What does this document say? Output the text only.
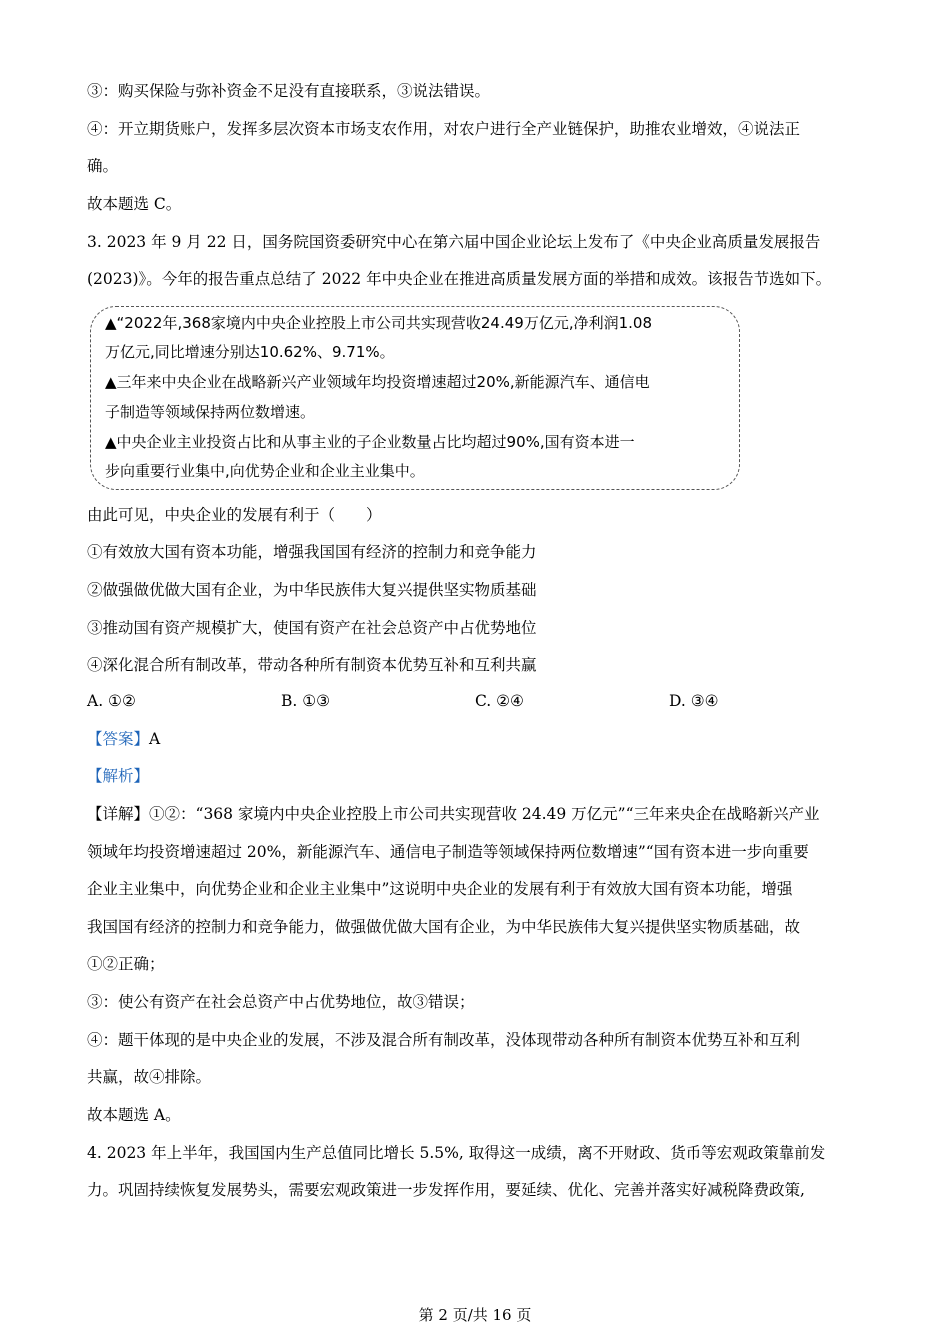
③：购买保险与弥补资金不足没有直接联系，③说法错误。
④：开立期货账户，发挥多层次资本市场支农作用，对农户进行全产业链保护，助推农业增效，④说法正
确。
故本题选 C。
3. 2023 年 9 月 22 日，国务院国资委研究中心在第六届中国企业论坛上发布了《中央企业高质量发展报告
(2023)》。今年的报告重点总结了 2022 年中央企业在推进高质量发展方面的举措和成效。该报告节选如下。
▲“2022年,368家境内中央企业控股上市公司共实现营收24.49万亿元,净利润1.08
万亿元,同比增速分别达10.62%、9.71%。
▲三年来中央企业在战略新兴产业领域年均投资增速超过20%,新能源汽车、通信电
子制造等领域保持两位数增速。
▲中央企业主业投资占比和从事主业的子企业数量占比均超过90%,国有资本进一
步向重要行业集中,向优势企业和企业主业集中。
由此可见，中央企业的发展有利于（　　）
①有效放大国有资本功能，增强我国国有经济的控制力和竞争能力
②做强做优做大国有企业，为中华民族伟大复兴提供坚实物质基础
③推动国有资产规模扩大，使国有资产在社会总资产中占优势地位
④深化混合所有制改革，带动各种所有制资本优势互补和互利共赢
A. ①②	B. ①③	C. ②④	D. ③④
【答案】A
【解析】
【详解】①②：“368 家境内中央企业控股上市公司共实现营收 24.49 万亿元”“三年来央企在战略新兴产业
领域年均投资增速超过 20%，新能源汽车、通信电子制造等领域保持两位数增速”“国有资本进一步向重要
企业主业集中，向优势企业和企业主业集中”这说明中央企业的发展有利于有效放大国有资本功能，增强
我国国有经济的控制力和竞争能力，做强做优做大国有企业，为中华民族伟大复兴提供坚实物质基础，故
①②正确；
③：使公有资产在社会总资产中占优势地位，故③错误；
④：题干体现的是中央企业的发展，不涉及混合所有制改革，没体现带动各种所有制资本优势互补和互利
共赢，故④排除。
故本题选 A。
4. 2023 年上半年，我国国内生产总值同比增长 5.5%, 取得这一成绩，离不开财政、货币等宏观政策靠前发
力。巩固持续恢复发展势头，需要宏观政策进一步发挥作用，要延续、优化、完善并落实好减税降费政策,
第 2 页/共 16 页
